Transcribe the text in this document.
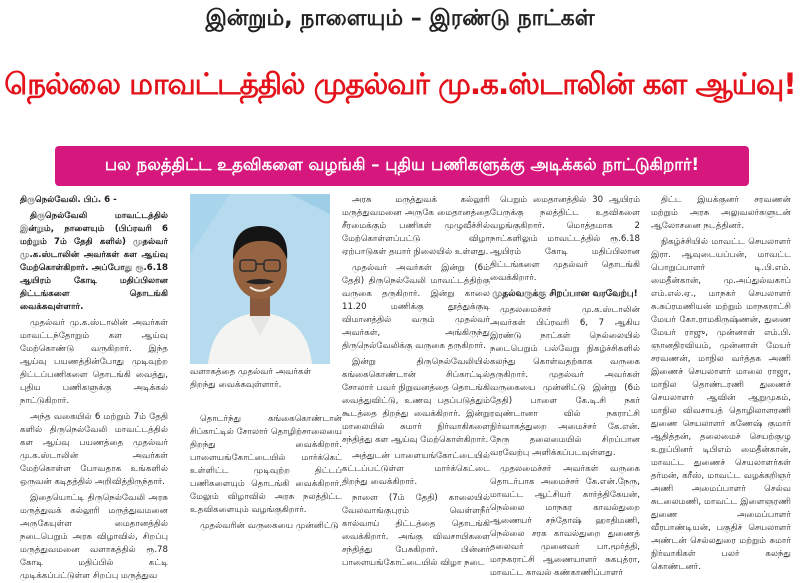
இன்றும், நாளையும் – இரண்டு நாட்கள்
நெல்லை மாவட்டத்தில் முதல்வர் மு.க.ஸ்டாலின் கள ஆய்வு!
பல நலத்திட்ட உதவிகளை வழங்கி – புதிய பணிகளுக்கு அடிக்கல் நாட்டுகிறார்!

திருநெல்வேலி. பிப். 6 -

திருநெல்வேலி மாவட்டத்தில் இன்றும், நாளையும் (பிப்ரவரி 6 மற்றும் 7ம் தேதி களில்) முதல்வர் மு.க.ஸ்டாலின் அவர்கள் கள ஆய்வு மேற்கொள்கிறார். அப்போது ரூ.6.18 ஆயிரம் கோடி மதிப்பிலான திட்டங்களை தொடங்கி வைக்கவுள்ளார்.

முதல்வர் மு.க.ஸ்டாலின் அவர்கள் மாவட்டந்தோறும் கள ஆய்வு மேற்கொண்டு வருகிறார். இந்த ஆய்வு பயணத்தின்போது முடிவுற்ற திட்டப்பணிகளை தொடங்கி வைத்து, புதிய பணிகளுக்கு அடிக்கல் நாட்டுகிறார்.

அந்த வகையில் 6 மற்றும் 7ம் தேதி களில் திருநெல்வேலி மாவட்டத்தில் கள ஆய்வு பயணத்தை முதல்வர் மு.க.ஸ்டாலின் அவர்கள் மேற்கொள்ள போவதாக உங்களில் ஒருவன் கடிதத்தில் அறிவித்திருந்தார்.

இதையொட்டி திருநெல்வேலி அரசு மருத்துவக் கல்லூரி மருத்துவமனை அருகேயுள்ள மைதானத்தில் நடைபெறும் அரசு விழாவில், சிறப்பு மருத்துவமனை வளாகத்தில் ரூ.78 கோடி மதிப்பில் கட்டி முடிக்கப்பட்டுள்ள சிறப்பு மருத்துவ

வளாகத்தை முதல்வர் அவர்கள் திறந்து வைக்கவுள்ளார்.

தொடர்ந்து கங்கைகொண்டான் சிப்காட்டில் சோலார் தொழிற்சாலையை திறந்து வைக்கிறார். பாளையங்கோட்டையில் மார்க்கெட் உள்ளிட்ட முடிவுற்ற திட்டப் பணிகளையும் தொடங்கி வைக்கிறார். மேலும் விழாவில் அரசு நலத்திட்ட உதவிகளையும் வழங்குகிறார்.

முதல்வரின் வருகையை முன்னிட்டு

அரசு மருத்துவக் கல்லூரி மருத்துவமனை அருகே மைதானத்தை சீரமைக்கும் பணிகள் முழுவீச்சில் மேற்கொள்ளப்பட்டு விழா ஏற்பாடுகள் தயார் நிலையில் உள்ளது.

முதல்வர் அவர்கள் இன்று (6ம் தேதி) திருநெல்வேலி மாவட்டத்திற்கு வருகை தருகிறார். இன்று காலை 11.20 மணிக்கு தூத்துக்குடி விமானத்தில் வரும் முதல்வர் அவர்கள், அங்கிருந்து திருநெல்வேலிக்கு வருகை தருகிறார்.

இன்று திருநெல்வேலியில் கங்கைகொண்டான் சிப்காட்டில் சோலார் பவர் நிறுவனத்தை தொடங்கி வைத்துவிட்டு, உணவு பதப்படுத்தும் கூடத்தை திறந்து வைக்கிறார். இன்று மாலையில் சுமார் நிர்வாகிகளை சந்தித்து கள ஆய்வு மேற்கொள்கிறார்.

அத்துடன் பாளையங்கோட்டையில் கட்டப்பட்டுள்ள மார்க்கெட்டை திறந்து வைக்கிறார்.

நாளை (7ம் தேதி) காலையில் வேலவாங்குபுரம் வெள்ளநீர் கால்வாய் திட்டத்தை தொடங்கி வைக்கிறார். அங்கு விவசாயிகளை சந்தித்து பேசுகிறார். பின்னர் பாளையங்கோட்டையில் விழா நடை

பெறும் மைதானத்தில் 30 ஆயிரம் பேருக்கு நலத்திட்ட உதவிகளை வழங்குகிறார். மொத்தமாக 2 நாட்களிலும் மாவட்டத்தில் ரூ.6.18 ஆயிரம் கோடி மதிப்பிலான திட்டங்களை முதல்வர் தொடங்கி வைக்கிறார்.

முதல்வருக்கு சிறப்பான வரவேற்பு!

முதலமைச்சர் மு.க.ஸ்டாலின் அவர்கள் பிப்ரவரி 6, 7 ஆகிய இரண்டு நாட்கள் நெல்லையில் நடைபெறும் பல்வேறு நிகழ்ச்சிகளில் கலந்து கொள்வதற்காக வருகை தருகிறார். முதல்வர் அவர்கள் வருகையை முன்னிட்டு இன்று (6ம் தேதி) பாளை கே.டி.சி நகர் ரவுண்டானா வில் நகராட்சி நிர்வாகத்துறை அமைச்சர் கே.என். நேரு தலைமையில் சிறப்பான வரவேற்பு அளிக்கப்படவுள்ளது.

முதலமைச்சர் அவர்கள் வருகை தொடர்பாக அமைச்சர் கே.என்.நேரு, மாவட்ட ஆட்சியர் கார்த்திகேயன், நெல்லை மாநகர காவல்துறை ஆணையர் சந்தோஷ் ஹாதிமணி, நெல்லை சரக காவல்துறை துணைத் தலைவர் முனைவர் பா.மூர்த்தி, மாநகராட்சி ஆணையாளர் சுகபுத்ரா, மாவட்ட காவல் கண்காணிப்பாளர்

திட்ட இயக்குனர் சரவணன் மற்றும் அரசு அலுவலர்களுடன் ஆலோசனை நடத்தினர்.

நிகழ்ச்சியில் மாவட்ட செயலாளர் இரா. ஆவுடையப்பன், மாவட்ட பொறுப்பாளர் டி.பி.எம். மைதீன்கான், மு.அப்துல்வகாப் எம்.எல்.ஏ., மாநகர் செயலாளர் சு.சுப்ரமணியன் மற்றும் மாநகராட்சி மேயர் கோ.ராமகிருஷ்ணன், துணை மேயர் ராஜு, முன்னாள் எம்.பி. ஞானதிரவியம், முன்னாள் மேயர் சரவணன், மாநில வர்த்தக அணி இணைச் செயலாளர் மாலை ராஜா, மாநில தொண்டரணி துணைச் செயலாளர் ஆவின் ஆறுமுகம், மாநில விவசாயத் தொழிலாளரணி துணை செயலாளர் கணேஷ் குமார் ஆதித்தன், தலைமைச் செயற்குழு உறுப்பினர் டிபிஎம் மைதீன்கான், மாவட்ட துணைச் செயலாளர்கள் தர்மன், கரீஸ், மாவட்ட வழக்கறிஞர் அணி அமைப்பாளர் செல்வ சுடலைமணி, மாவட்ட இளைஞரணி துணை அமைப்பாளர் வீரபாண்டியன், பகுதிச் செயலாளர் அண்டன் செல்லதுரை மற்றும் சுமார் நிர்வாகிகள் பலர் கலந்து கொண்டனர்.
